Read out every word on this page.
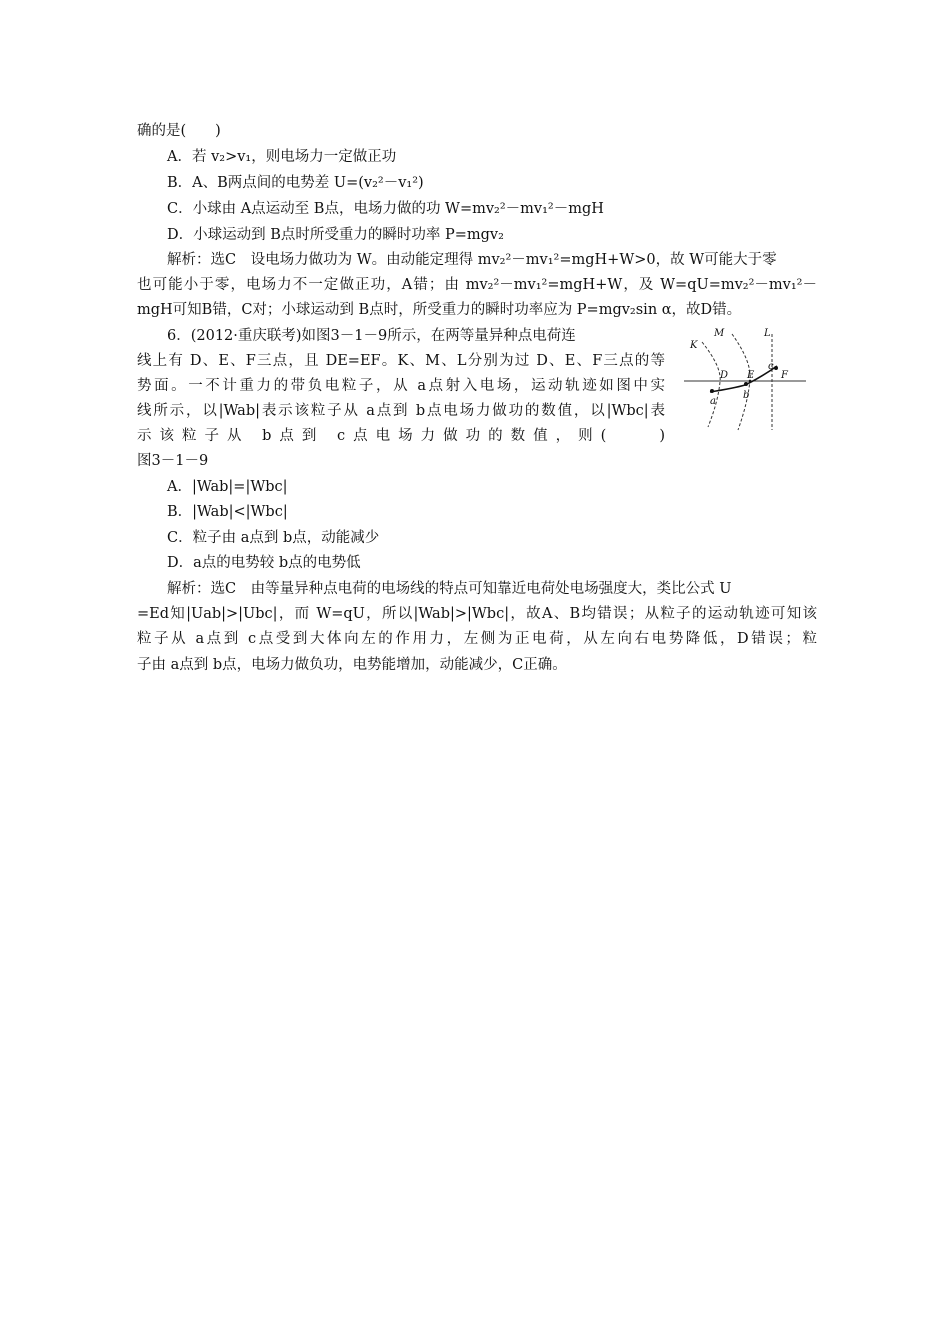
确的是(　　)
A．若 v₂>v₁，则电场力一定做正功
B．A、B两点间的电势差 U=(v₂²－v₁²)
C．小球由 A点运动至 B点，电场力做的功 W=mv₂²－mv₁²－mgH
D．小球运动到 B点时所受重力的瞬时功率 P=mgv₂
解析：选C　设电场力做功为 W。由动能定理得 mv₂²－mv₁²=mgH+W>0，故 W可能大于零
也可能小于零，电场力不一定做正功，A错；由 mv₂²－mv₁²=mgH+W，及 W=qU=mv₂²－mv₁²－
mgH可知B错，C对；小球运动到 B点时，所受重力的瞬时功率应为 P=mgv₂sin α，故D错。
6．(2012·重庆联考)如图3－1－9所示，在两等量异种点电荷连
线上有 D、E、F三点，且 DE=EF。K、M、L分别为过 D、E、F三点的等
势面。一不计重力的带负电粒子，从 a点射入电场，运动轨迹如图中实
线所示，以|Wab|表示该粒子从 a点到 b点电场力做功的数值，以|Wbc|表
示该粒子从 b点到 c点电场力做功的数值，则(　　)
图3－1－9
A．|Wab|=|Wbc|
B．|Wab|<|Wbc|
C．粒子由 a点到 b点，动能减少
D．a点的电势较 b点的电势低
解析：选C　由等量异种点电荷的电场线的特点可知靠近电荷处电场强度大，类比公式 U
=Ed知|Uab|>|Ubc|，而 W=qU，所以|Wab|>|Wbc|，故A、B均错误；从粒子的运动轨迹可知该
粒子从 a点到 c点受到大体向左的作用力，左侧为正电荷，从左向右电势降低，D错误；粒
子由 a点到 b点，电场力做负功，电势能增加，动能减少，C正确。
K
M	L
D E	F
a
b
c
